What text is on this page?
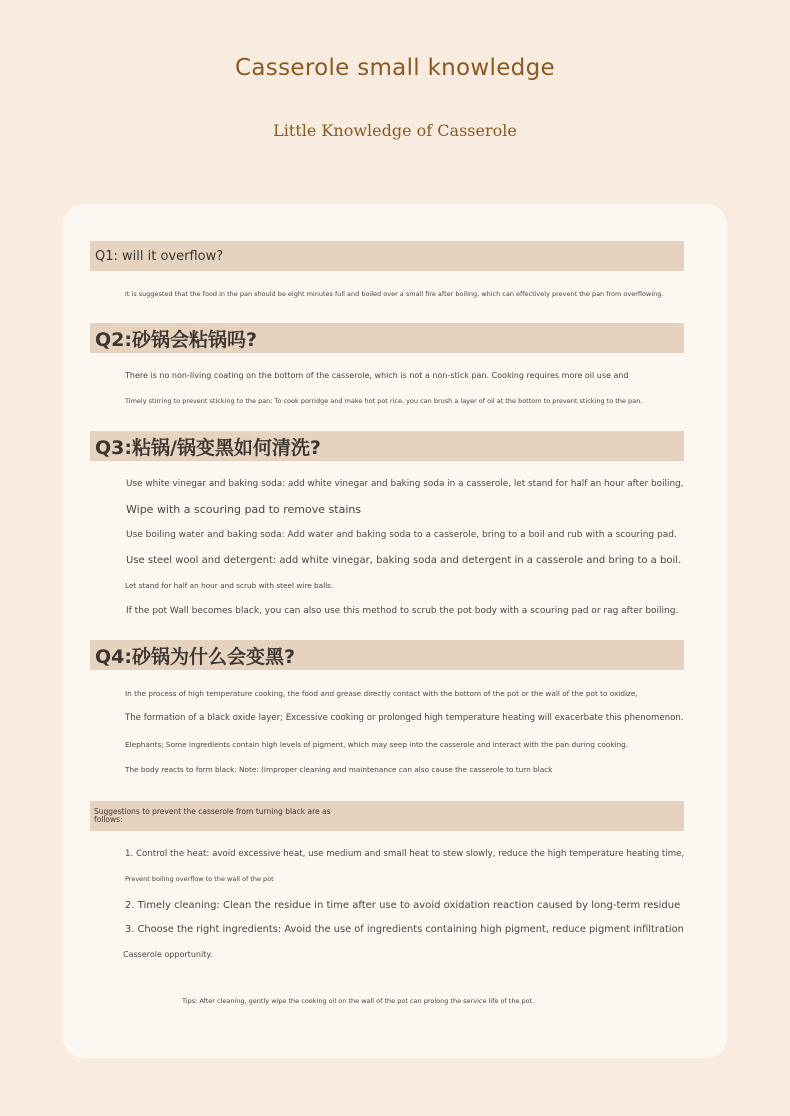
Casserole small knowledge
Little Knowledge of Casserole
Q1: will it overflow?
It is suggested that the food in the pan should be eight minutes full and boiled over a small fire after boiling, which can effectively prevent the pan from overflowing.
Q2:砂锅会粘锅吗?
There is no non-living coating on the bottom of the casserole, which is not a non-stick pan. Cooking requires more oil use and
Timely stirring to prevent sticking to the pan; To cook porridge and make hot pot rice, you can brush a layer of oil at the bottom to prevent sticking to the pan.
Q3:粘锅/锅变黑如何清洗?
Use white vinegar and baking soda: add white vinegar and baking soda in a casserole, let stand for half an hour after boiling,
Wipe with a scouring pad to remove stains
Use boiling water and baking soda: Add water and baking soda to a casserole, bring to a boil and rub with a scouring pad.
Use steel wool and detergent: add white vinegar, baking soda and detergent in a casserole and bring to a boil.
Let stand for half an hour and scrub with steel wire balls.
If the pot Wall becomes black, you can also use this method to scrub the pot body with a scouring pad or rag after boiling.
Q4:砂锅为什么会变黑?
In the process of high temperature cooking, the food and grease directly contact with the bottom of the pot or the wall of the pot to oxidize,
The formation of a black oxide layer; Excessive cooking or prolonged high temperature heating will exacerbate this phenomenon.
Elephants; Some ingredients contain high levels of pigment, which may seep into the casserole and interact with the pan during cooking.
The body reacts to form black. Note: (improper cleaning and maintenance can also cause the casserole to turn black
Suggestions to prevent the casserole from turning black are as follows:
1. Control the heat: avoid excessive heat, use medium and small heat to stew slowly, reduce the high temperature heating time,
Prevent boiling overflow to the wall of the pot
2. Timely cleaning: Clean the residue in time after use to avoid oxidation reaction caused by long-term residue
3. Choose the right ingredients: Avoid the use of ingredients containing high pigment, reduce pigment infiltration
Casserole opportunity.
Tips: After cleaning, gently wipe the cooking oil on the wall of the pot can prolong the service life of the pot.
